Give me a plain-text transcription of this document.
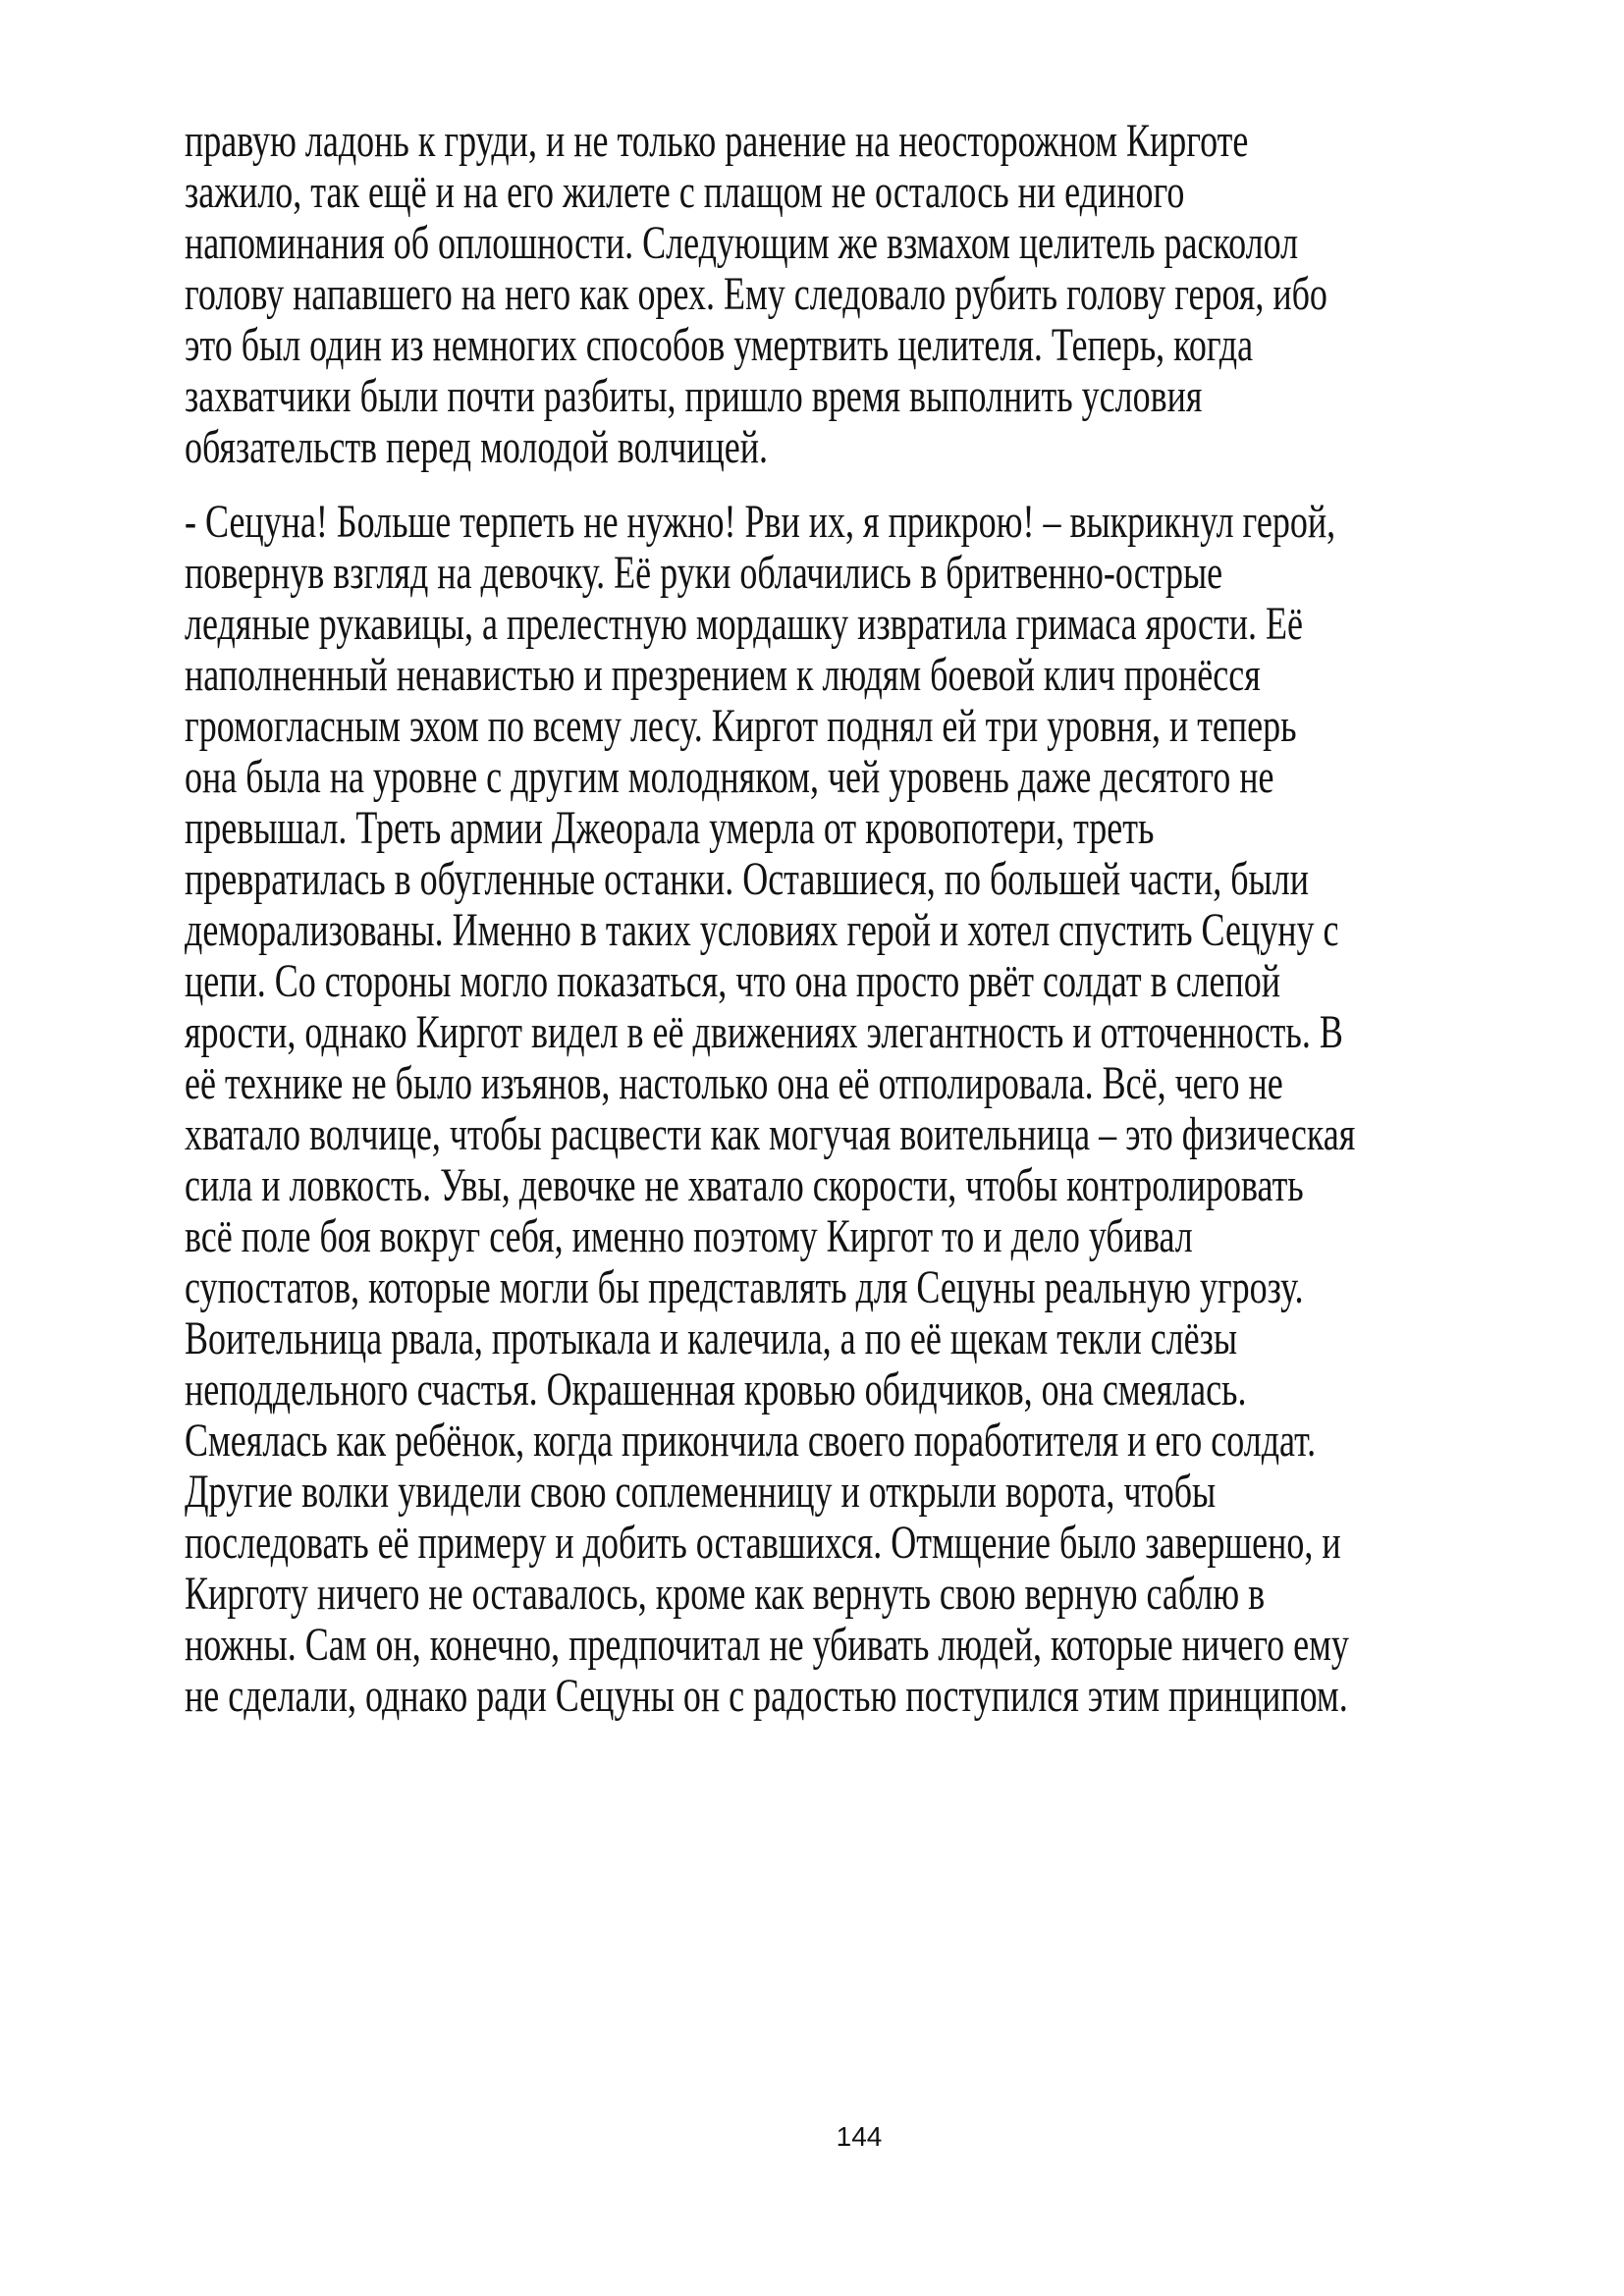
правую ладонь к груди, и не только ранение на неосторожном Кирготе
зажило, так ещё и на его жилете с плащом не осталось ни единого
напоминания об оплошности. Следующим же взмахом целитель расколол
голову напавшего на него как орех. Ему следовало рубить голову героя, ибо
это был один из немногих способов умертвить целителя. Теперь, когда
захватчики были почти разбиты, пришло время выполнить условия
обязательств перед молодой волчицей.
- Сецуна! Больше терпеть не нужно! Рви их, я прикрою! – выкрикнул герой,
повернув взгляд на девочку. Её руки облачились в бритвенно-острые
ледяные рукавицы, а прелестную мордашку извратила гримаса ярости. Её
наполненный ненавистью и презрением к людям боевой клич пронёсся
громогласным эхом по всему лесу. Киргот поднял ей три уровня, и теперь
она была на уровне с другим молодняком, чей уровень даже десятого не
превышал. Треть армии Джеорала умерла от кровопотери, треть
превратилась в обугленные останки. Оставшиеся, по большей части, были
деморализованы. Именно в таких условиях герой и хотел спустить Сецуну с
цепи. Со стороны могло показаться, что она просто рвёт солдат в слепой
ярости, однако Киргот видел в её движениях элегантность и отточенность. В
её технике не было изъянов, настолько она её отполировала. Всё, чего не
хватало волчице, чтобы расцвести как могучая воительница – это физическая
сила и ловкость. Увы, девочке не хватало скорости, чтобы контролировать
всё поле боя вокруг себя, именно поэтому Киргот то и дело убивал
супостатов, которые могли бы представлять для Сецуны реальную угрозу.
Воительница рвала, протыкала и калечила, а по её щекам текли слёзы
неподдельного счастья. Окрашенная кровью обидчиков, она смеялась.
Смеялась как ребёнок, когда прикончила своего поработителя и его солдат.
Другие волки увидели свою соплеменницу и открыли ворота, чтобы
последовать её примеру и добить оставшихся. Отмщение было завершено, и
Кирготу ничего не оставалось, кроме как вернуть свою верную саблю в
ножны. Сам он, конечно, предпочитал не убивать людей, которые ничего ему
не сделали, однако ради Сецуны он с радостью поступился этим принципом.
144
